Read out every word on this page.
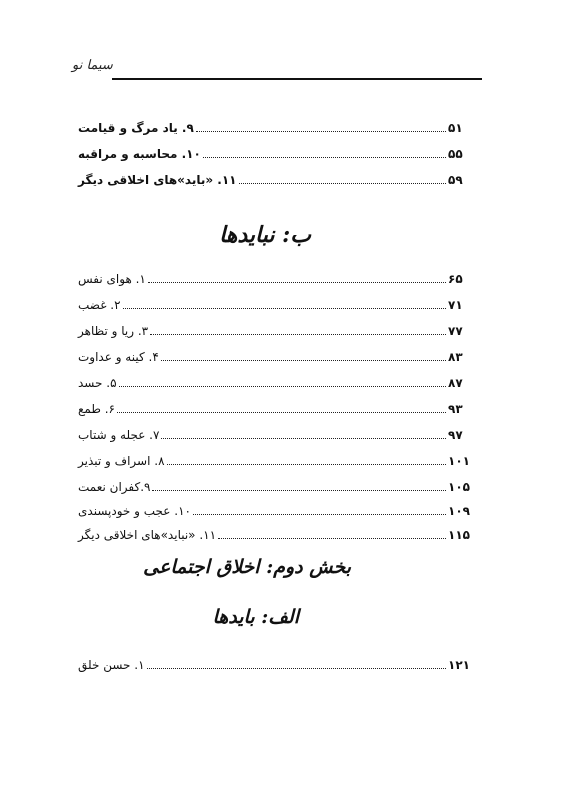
ﺳﻴﻤﺎ ﻧﻮ
۹. یاد مرگ و قیامت	۵۱
۱۰. محاسبه و مراقبه	۵۵
۱۱. «باید»های اخلاقی دیگر	۵۹
ب: نبایدها
۱. هوای نفس	۶۵
۲. غضب	۷۱
۳. ریا و تظاهر	۷۷
۴. کینه و عداوت	۸۳
۵. حسد	۸۷
۶. طمع	۹۳
۷. عجله و شتاب	۹۷
۸. اسراف و تبذیر	۱۰۱
۹.کفران نعمت	۱۰۵
۱۰. عجب و خودپسندی	۱۰۹
۱۱. «نباید»های اخلاقی دیگر	۱۱۵
بخش دوم: اخلاق اجتماعی
الف: بایدها
۱. حسن خلق	۱۲۱
